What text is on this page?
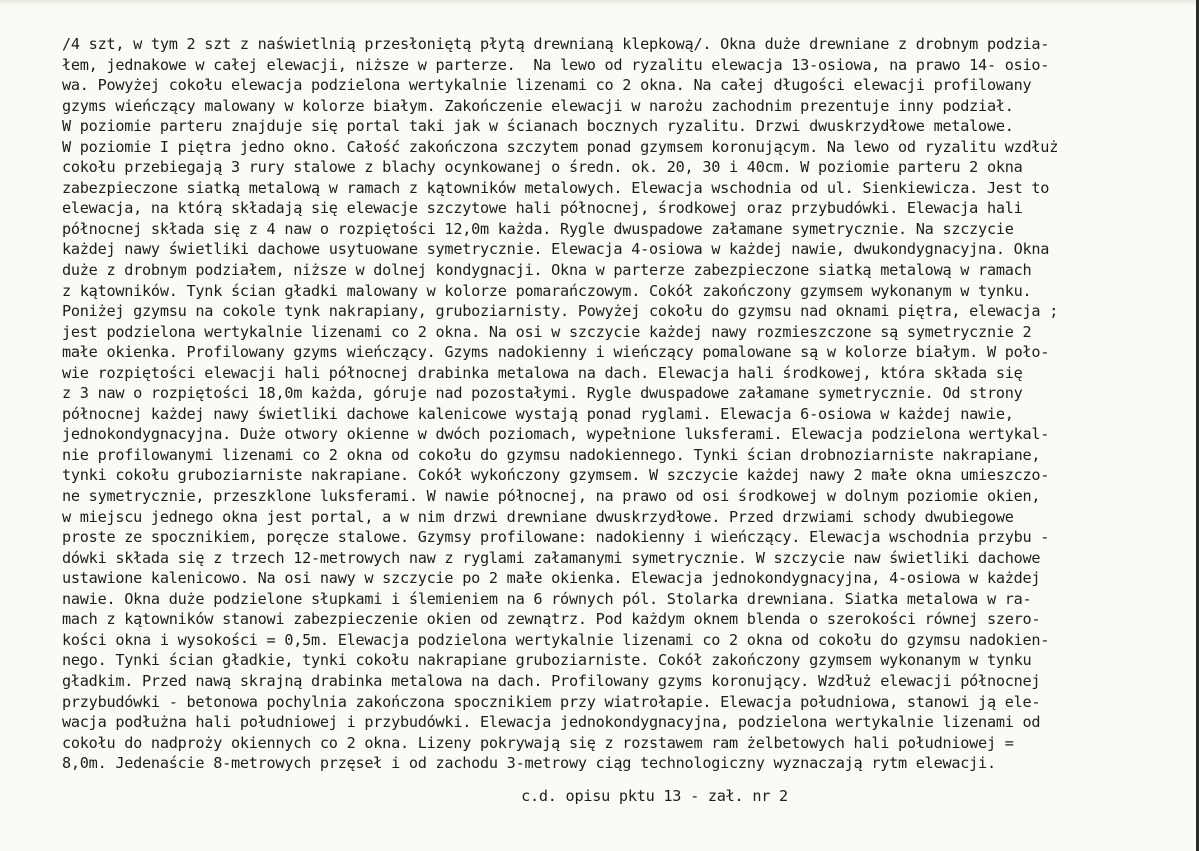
/4 szt, w tym 2 szt z naświetlnią przesłoniętą płytą drewnianą klepkową/. Okna duże drewniane z drobnym podzia-
łem, jednakowe w całej elewacji, niższe w parterze.  Na lewo od ryzalitu elewacja 13-osiowa, na prawo 14- osio-
wa. Powyżej cokołu elewacja podzielona wertykalnie lizenami co 2 okna. Na całej długości elewacji profilowany
gzyms wieńczący malowany w kolorze białym. Zakończenie elewacji w narożu zachodnim prezentuje inny podział.
W poziomie parteru znajduje się portal taki jak w ścianach bocznych ryzalitu. Drzwi dwuskrzydłowe metalowe.
W poziomie I piętra jedno okno. Całość zakończona szczytem ponad gzymsem koronującym. Na lewo od ryzalitu wzdłuż
cokołu przebiegają 3 rury stalowe z blachy ocynkowanej o średn. ok. 20, 30 i 40cm. W poziomie parteru 2 okna
zabezpieczone siatką metalową w ramach z kątowników metalowych. Elewacja wschodnia od ul. Sienkiewicza. Jest to
elewacja, na którą składają się elewacje szczytowe hali północnej, środkowej oraz przybudówki. Elewacja hali
północnej składa się z 4 naw o rozpiętości 12,0m każda. Rygle dwuspadowe załamane symetrycznie. Na szczycie
każdej nawy świetliki dachowe usytuowane symetrycznie. Elewacja 4-osiowa w każdej nawie, dwukondygnacyjna. Okna
duże z drobnym podziałem, niższe w dolnej kondygnacji. Okna w parterze zabezpieczone siatką metalową w ramach
z kątowników. Tynk ścian gładki malowany w kolorze pomarańczowym. Cokół zakończony gzymsem wykonanym w tynku.
Poniżej gzymsu na cokole tynk nakrapiany, gruboziarnisty. Powyżej cokołu do gzymsu nad oknami piętra, elewacja ;
jest podzielona wertykalnie lizenami co 2 okna. Na osi w szczycie każdej nawy rozmieszczone są symetrycznie 2
małe okienka. Profilowany gzyms wieńczący. Gzyms nadokienny i wieńczący pomalowane są w kolorze białym. W poło-
wie rozpiętości elewacji hali północnej drabinka metalowa na dach. Elewacja hali środkowej, która składa się
z 3 naw o rozpiętości 18,0m każda, góruje nad pozostałymi. Rygle dwuspadowe załamane symetrycznie. Od strony
północnej każdej nawy świetliki dachowe kalenicowe wystają ponad ryglami. Elewacja 6-osiowa w każdej nawie,
jednokondygnacyjna. Duże otwory okienne w dwóch poziomach, wypełnione luksferami. Elewacja podzielona wertykal-
nie profilowanymi lizenami co 2 okna od cokołu do gzymsu nadokiennego. Tynki ścian drobnoziarniste nakrapiane,
tynki cokołu gruboziarniste nakrapiane. Cokół wykończony gzymsem. W szczycie każdej nawy 2 małe okna umieszczo-
ne symetrycznie, przeszklone luksferami. W nawie północnej, na prawo od osi środkowej w dolnym poziomie okien,
w miejscu jednego okna jest portal, a w nim drzwi drewniane dwuskrzydłowe. Przed drzwiami schody dwubiegowe
proste ze spocznikiem, poręcze stalowe. Gzymsy profilowane: nadokienny i wieńczący. Elewacja wschodnia przybu -
dówki składa się z trzech 12-metrowych naw z ryglami załamanymi symetrycznie. W szczycie naw świetliki dachowe
ustawione kalenicowo. Na osi nawy w szczycie po 2 małe okienka. Elewacja jednokondygnacyjna, 4-osiowa w każdej
nawie. Okna duże podzielone słupkami i ślemieniem na 6 równych pól. Stolarka drewniana. Siatka metalowa w ra-
mach z kątowników stanowi zabezpieczenie okien od zewnątrz. Pod każdym oknem blenda o szerokości równej szero-
kości okna i wysokości = 0,5m. Elewacja podzielona wertykalnie lizenami co 2 okna od cokołu do gzymsu nadokien-
nego. Tynki ścian gładkie, tynki cokołu nakrapiane gruboziarniste. Cokół zakończony gzymsem wykonanym w tynku
gładkim. Przed nawą skrajną drabinka metalowa na dach. Profilowany gzyms koronujący. Wzdłuż elewacji północnej
przybudówki - betonowa pochylnia zakończona spocznikiem przy wiatrołapie. Elewacja południowa, stanowi ją ele-
wacja podłużna hali południowej i przybudówki. Elewacja jednokondygnacyjna, podzielona wertykalnie lizenami od
cokołu do nadproży okiennych co 2 okna. Lizeny pokrywają się z rozstawem ram żelbetowych hali południowej =
8,0m. Jedenaście 8-metrowych przęseł i od zachodu 3-metrowy ciąg technologiczny wyznaczają rytm elewacji.
c.d. opisu pktu 13 - zał. nr 2
